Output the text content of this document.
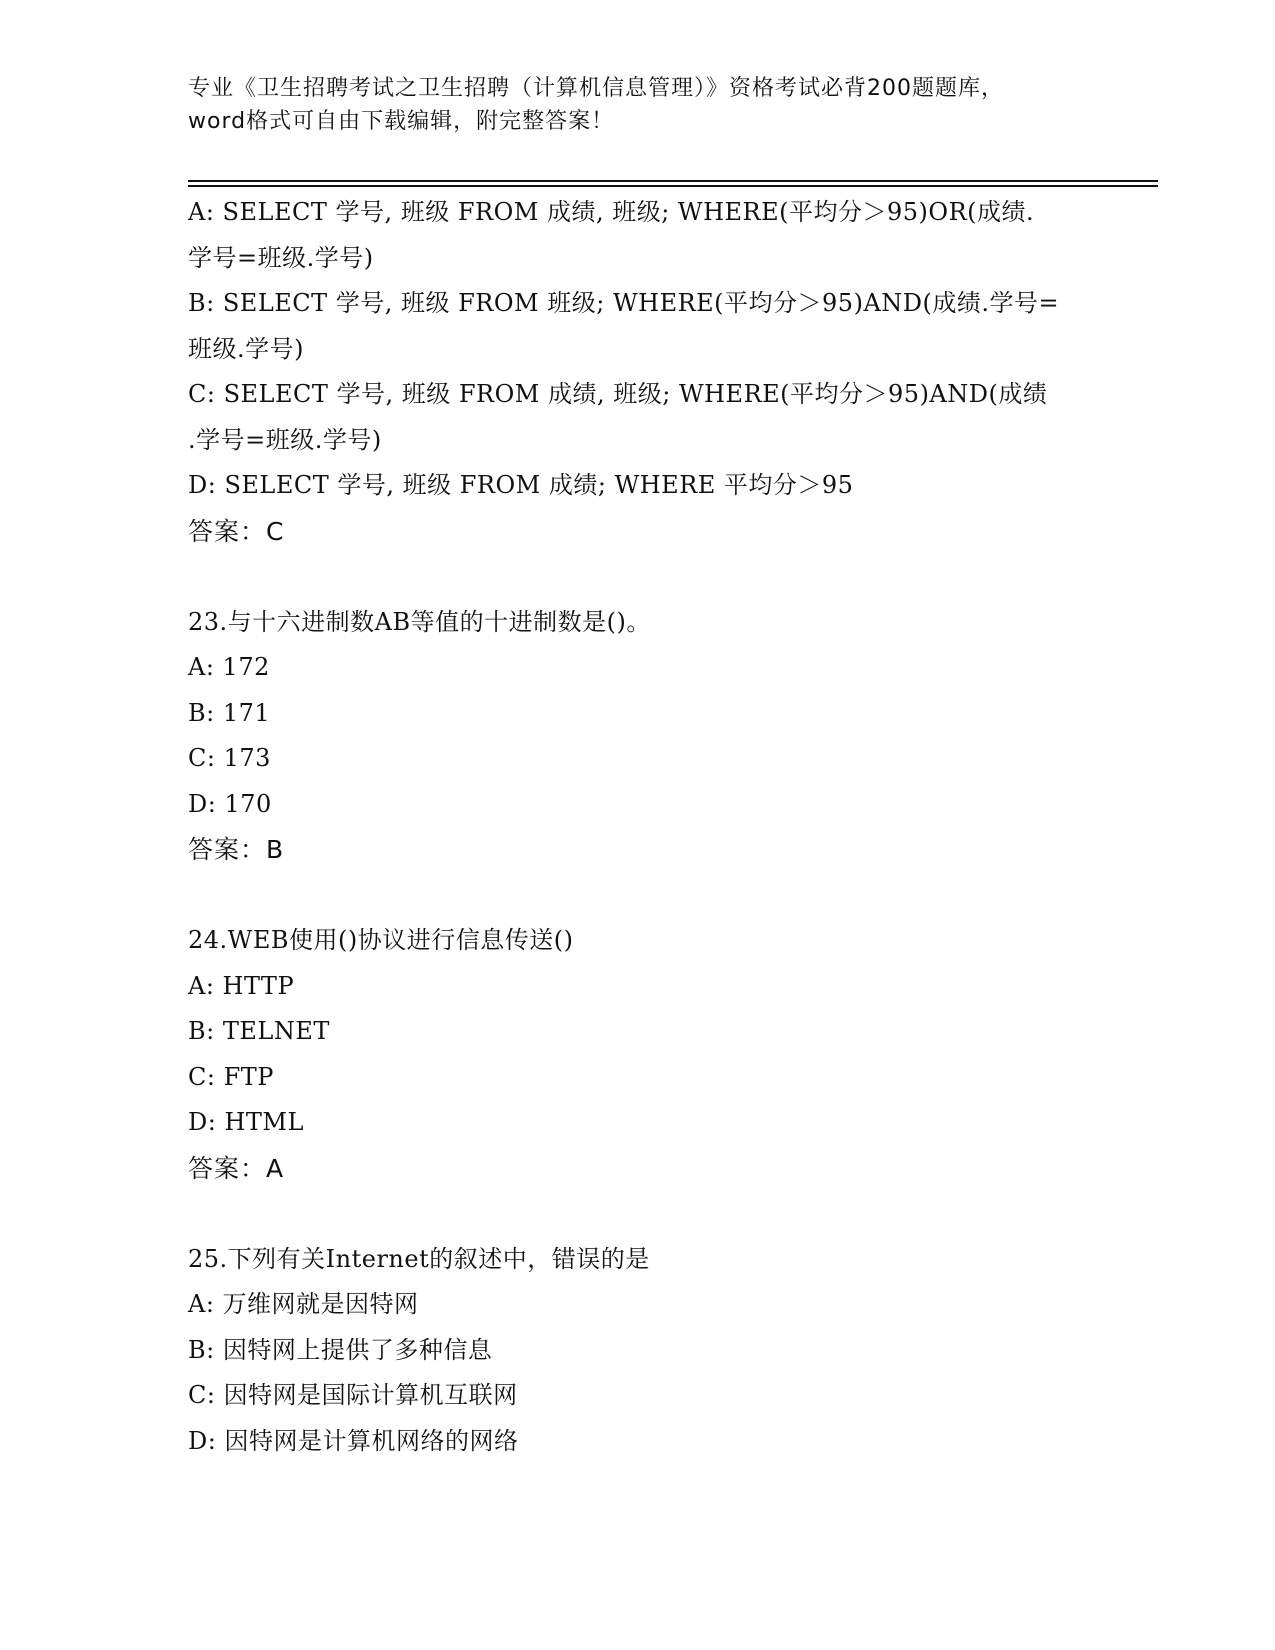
专业《卫生招聘考试之卫生招聘（计算机信息管理）》资格考试必背200题题库，
word格式可自由下载编辑，附完整答案！
A: SELECT 学号, 班级 FROM 成绩, 班级; WHERE(平均分＞95)OR(成绩.
学号=班级.学号)
B: SELECT 学号, 班级 FROM 班级; WHERE(平均分＞95)AND(成绩.学号=
班级.学号)
C: SELECT 学号, 班级 FROM 成绩, 班级; WHERE(平均分＞95)AND(成绩
.学号=班级.学号)
D: SELECT 学号, 班级 FROM 成绩; WHERE 平均分＞95
答案：C
23.与十六进制数AB等值的十进制数是()。
A: 172
B: 171
C: 173
D: 170
答案：B
24.WEB使用()协议进行信息传送()
A: HTTP
B: TELNET
C: FTP
D: HTML
答案：A
25.下列有关Internet的叙述中，错误的是
A: 万维网就是因特网
B: 因特网上提供了多种信息
C: 因特网是国际计算机互联网
D: 因特网是计算机网络的网络
